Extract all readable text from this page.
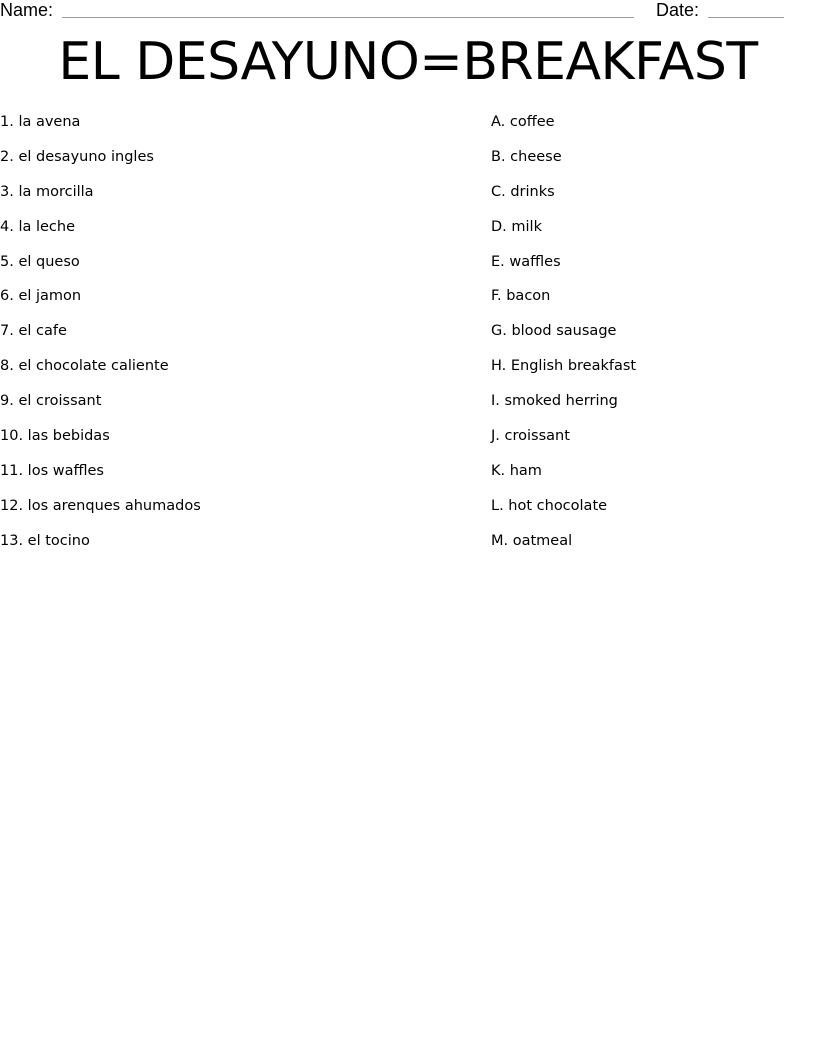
Name:	Date:
EL DESAYUNO=BREAKFAST
1. la avena
2. el desayuno ingles
3. la morcilla
4. la leche
5. el queso
6. el jamon
7. el cafe
8. el chocolate caliente
9. el croissant
10. las bebidas
11. los waffles
12. los arenques ahumados
13. el tocino
A. coffee
B. cheese
C. drinks
D. milk
E. waffles
F. bacon
G. blood sausage
H. English breakfast
I. smoked herring
J. croissant
K. ham
L. hot chocolate
M. oatmeal
